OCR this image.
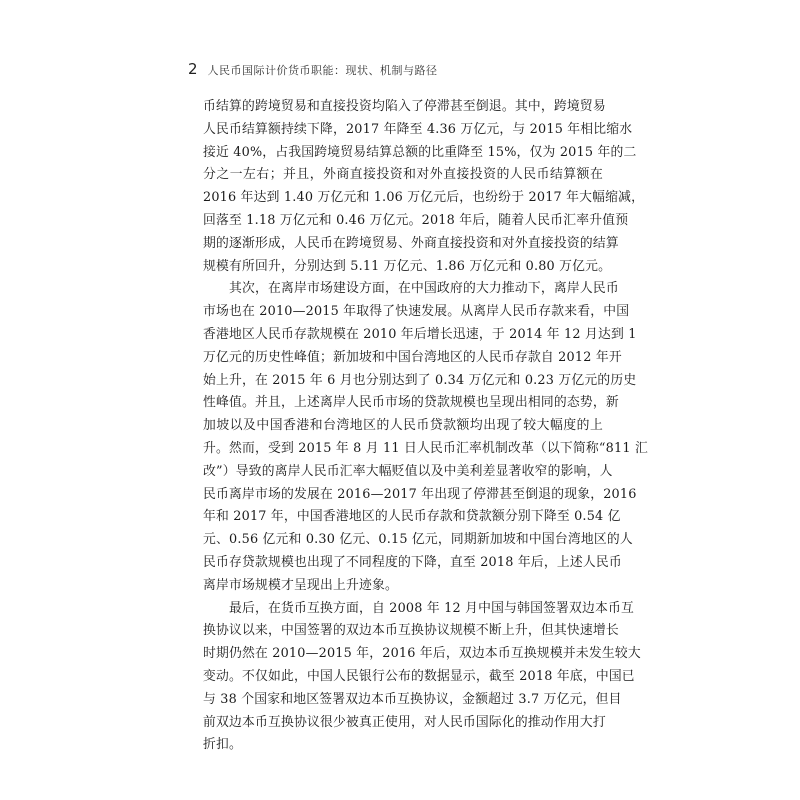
2 人民币国际计价货币职能：现状、机制与路径
币结算的跨境贸易和直接投资均陷入了停滞甚至倒退。其中，跨境贸易
人民币结算额持续下降，2017 年降至 4.36 万亿元，与 2015 年相比缩水
接近 40%，占我国跨境贸易结算总额的比重降至 15%，仅为 2015 年的二
分之一左右；并且，外商直接投资和对外直接投资的人民币结算额在
2016 年达到 1.40 万亿元和 1.06 万亿元后，也纷纷于 2017 年大幅缩减，
回落至 1.18 万亿元和 0.46 万亿元。2018 年后，随着人民币汇率升值预
期的逐渐形成，人民币在跨境贸易、外商直接投资和对外直接投资的结算
规模有所回升，分别达到 5.11 万亿元、1.86 万亿元和 0.80 万亿元。
其次，在离岸市场建设方面，在中国政府的大力推动下，离岸人民币
市场也在 2010—2015 年取得了快速发展。从离岸人民币存款来看，中国
香港地区人民币存款规模在 2010 年后增长迅速，于 2014 年 12 月达到 1
万亿元的历史性峰值；新加坡和中国台湾地区的人民币存款自 2012 年开
始上升，在 2015 年 6 月也分别达到了 0.34 万亿元和 0.23 万亿元的历史
性峰值。并且，上述离岸人民币市场的贷款规模也呈现出相同的态势，新
加坡以及中国香港和台湾地区的人民币贷款额均出现了较大幅度的上
升。然而，受到 2015 年 8 月 11 日人民币汇率机制改革（以下简称“811 汇
改”）导致的离岸人民币汇率大幅贬值以及中美利差显著收窄的影响，人
民币离岸市场的发展在 2016—2017 年出现了停滞甚至倒退的现象，2016
年和 2017 年，中国香港地区的人民币存款和贷款额分别下降至 0.54 亿
元、0.56 亿元和 0.30 亿元、0.15 亿元，同期新加坡和中国台湾地区的人
民币存贷款规模也出现了不同程度的下降，直至 2018 年后，上述人民币
离岸市场规模才呈现出上升迹象。
最后，在货币互换方面，自 2008 年 12 月中国与韩国签署双边本币互
换协议以来，中国签署的双边本币互换协议规模不断上升，但其快速增长
时期仍然在 2010—2015 年，2016 年后，双边本币互换规模并未发生较大
变动。不仅如此，中国人民银行公布的数据显示，截至 2018 年底，中国已
与 38 个国家和地区签署双边本币互换协议，金额超过 3.7 万亿元，但目
前双边本币互换协议很少被真正使用，对人民币国际化的推动作用大打
折扣。
